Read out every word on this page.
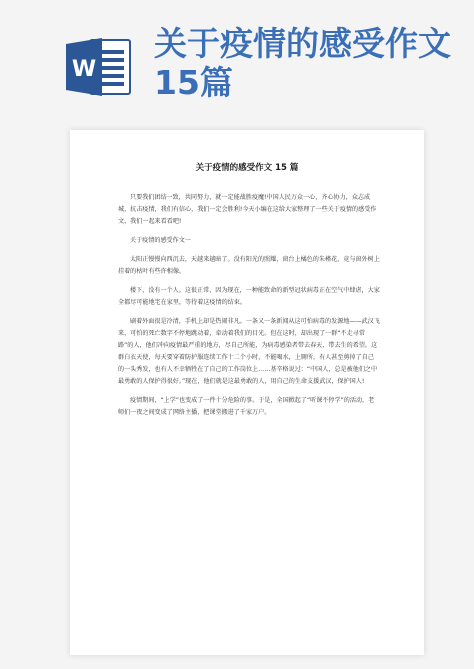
W
关于疫情的感受作文15篇
关于疫情的感受作文 15 篇

只要我们团结一致，共同努力，就一定能战胜疫魔!中国人民万众一心，齐心协力，众志成城，抗击疫情，我们有信心，我们一定会胜利!今天小编在这给大家整理了一些关于疫情的感受作文，我们一起来看看吧!

关于疫情的感受作文一

太阳正慢慢向西沉去，天越来越暗了。没有阳光的照耀，窗台上橘色的朱槿花，竟与窗外树上挂着的枯叶有些许相像。

楼下，没有一个人。这很正常，因为现在，一种能致命的新型冠状病毒正在空气中肆虐，大家全都尽可能地宅在家里，等待着这疫情的结束。

刷着外面很是冷清，手机上却是热闹非凡。一条又一条新闻从这可怕病毒的发源地——武汉飞来，可怕的死亡数字不停地跳动着，牵动着我们的目光。但在这时，却出现了一群“不走寻常路”的人，他们冲向疫情最严重的地方，尽自己所能，为病毒感染者带去春天，带去生的希望。这群白衣天使，每天要穿着防护服连续工作十二个小时，不能喝水，上厕所，有人甚至剪掉了自己的一头秀发，也有人不幸牺牲在了自己的工作岗位上……基辛格说过：“中国人，总是被他们之中最勇敢的人保护得很好。”现在，他们就是这最勇敢的人，用自己的生命支援武汉，保护国人!

疫情期间，“上学”也变成了一件十分危险的事。于是，全国掀起了“听课不停学”的活动，老师们一夜之间变成了网络主播，把课堂搬进了千家万户。
